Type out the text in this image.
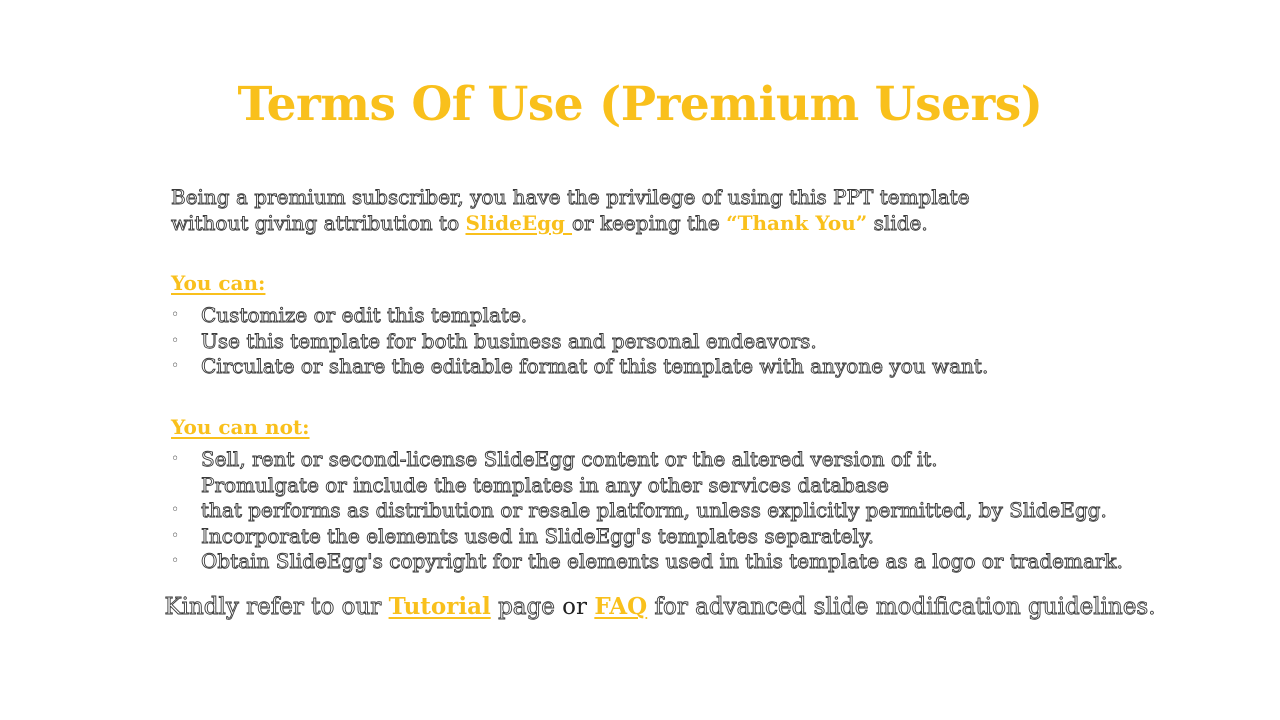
Terms Of Use (Premium Users)
Being a premium subscriber, you have the privilege of using this PPT template
without giving attribution to SlideEgg or keeping the “Thank You” slide.
You can:
◦	Customize or edit this template.
◦	Use this template for both business and personal endeavors.
◦	Circulate or share the editable format of this template with anyone you want.
You can not:
◦	Sell, rent or second-license SlideEgg content or the altered version of it.
Promulgate or include the templates in any other services database
◦	that performs as distribution or resale platform, unless explicitly permitted, by SlideEgg.
◦	Incorporate the elements used in SlideEgg's templates separately.
◦	Obtain SlideEgg's copyright for the elements used in this template as a logo or trademark.
Kindly refer to our Tutorial page or FAQ for advanced slide modification guidelines.
